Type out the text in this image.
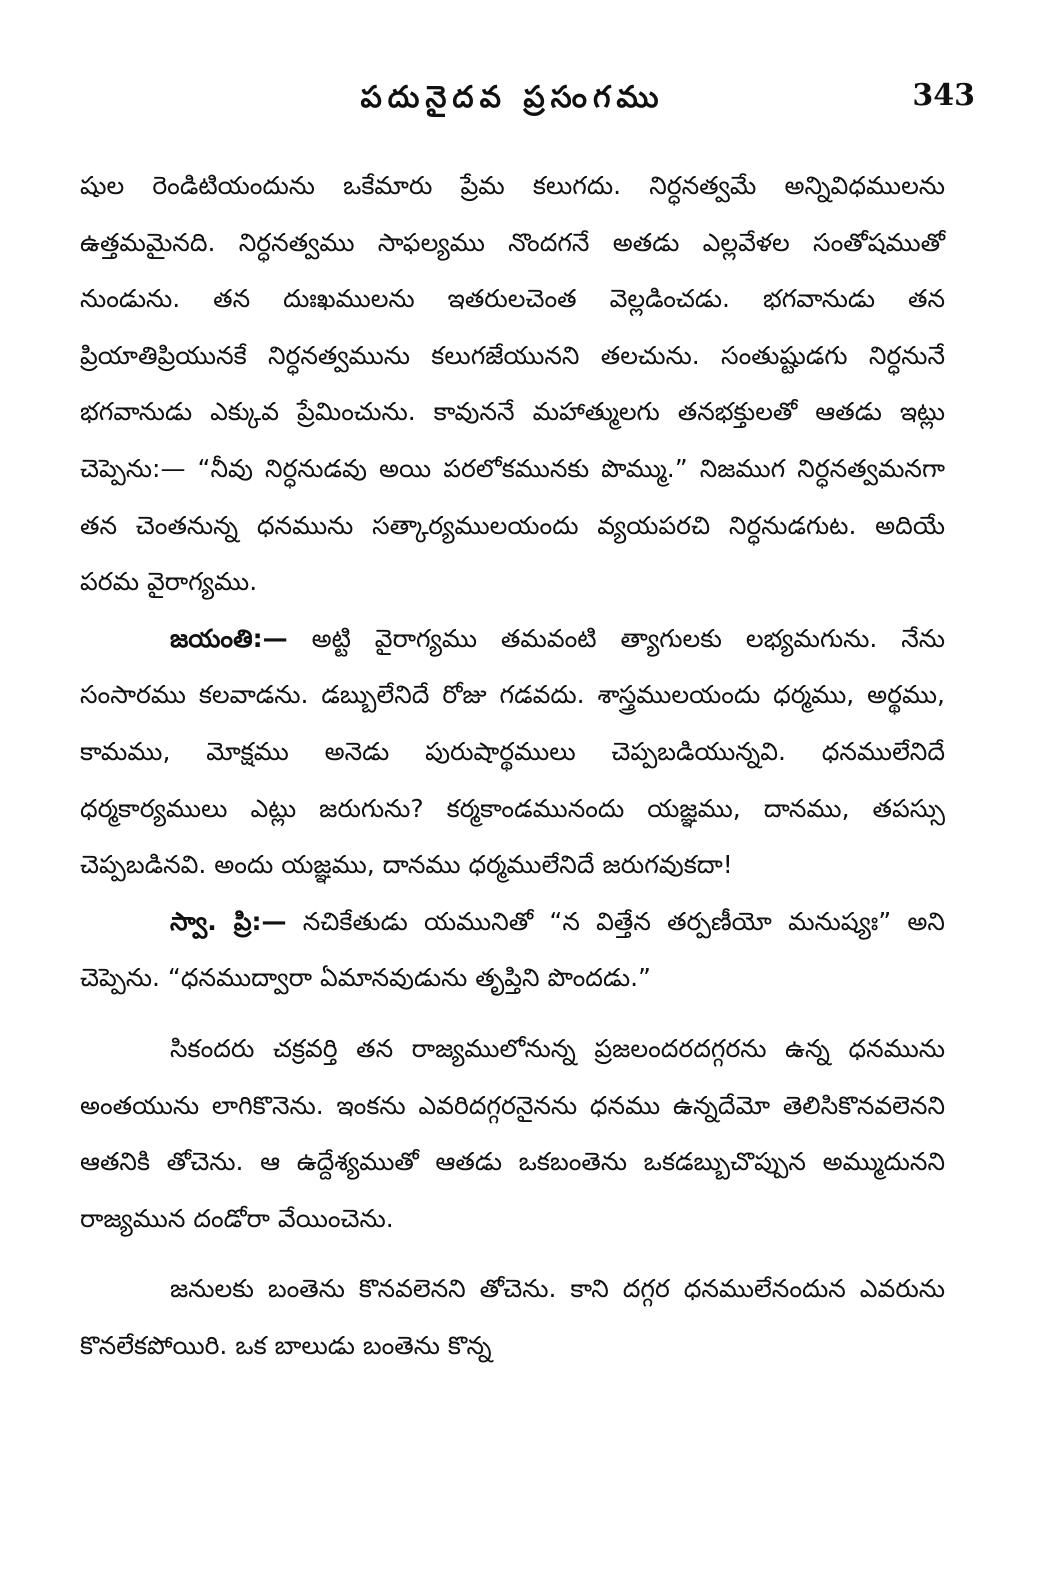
పదునైదవ ప్రసంగము	343

షుల రెండిటియందును ఒకేమారు ప్రేమ కలుగదు. నిర్ధనత్వమే అన్నివిధములను ఉత్తమమైనది. నిర్ధనత్వము సాఫల్యము నొందగనే అతడు ఎల్లవేళల సంతోషముతో నుండును. తన దుఃఖములను ఇతరులచెంత వెల్లడించడు. భగవానుడు తన ప్రియాతిప్రియునకే నిర్ధనత్వమును కలుగజేయునని తలచును. సంతుష్టుడగు నిర్ధనునే భగవానుడు ఎక్కువ ప్రేమించును. కావుననే మహాత్ములగు తనభక్తులతో ఆతడు ఇట్లు చెప్పెను:— “నీవు నిర్ధనుడవు అయి పరలోకమునకు పొమ్ము.” నిజముగ నిర్ధనత్వమనగా తన చెంతనున్న ధనమును సత్కార్యములయందు వ్యయపరచి నిర్ధనుడగుట. అదియే పరమ వైరాగ్యము.

జయంతి:— అట్టి వైరాగ్యము తమవంటి త్యాగులకు లభ్యమగును. నేను సంసారము కలవాడను. డబ్బులేనిదే రోజు గడవదు. శాస్త్రములయందు ధర్మము, అర్థము, కామము, మోక్షము అనెడు పురుషార్థములు చెప్పబడియున్నవి. ధనములేనిదే ధర్మకార్యములు ఎట్లు జరుగును? కర్మకాండమునందు యజ్ఞము, దానము, తపస్సు చెప్పబడినవి. అందు యజ్ఞము, దానము ధర్మములేనిదే జరుగవుకదా!

స్వా. ప్రి:— నచికేతుడు యమునితో “న విత్తేన తర్పణీయో మనుష్యః” అని చెప్పెను. “ధనముద్వారా ఏమానవుడును తృప్తిని పొందడు.”

సికందరు చక్రవర్తి తన రాజ్యములోనున్న ప్రజలందరదగ్గరను ఉన్న ధనమును అంతయును లాగికొనెను. ఇంకను ఎవరిదగ్గరనైనను ధనము ఉన్నదేమో తెలిసికొనవలెనని ఆతనికి తోచెను. ఆ ఉద్దేశ్యముతో ఆతడు ఒకబంతెను ఒకడబ్బుచొప్పున అమ్ముదునని రాజ్యమున దండోరా వేయించెను.

జనులకు బంతెను కొనవలెనని తోచెను. కాని దగ్గర ధనములేనందున ఎవరును కొనలేకపోయిరి. ఒక బాలుడు బంతెను కొన్న
